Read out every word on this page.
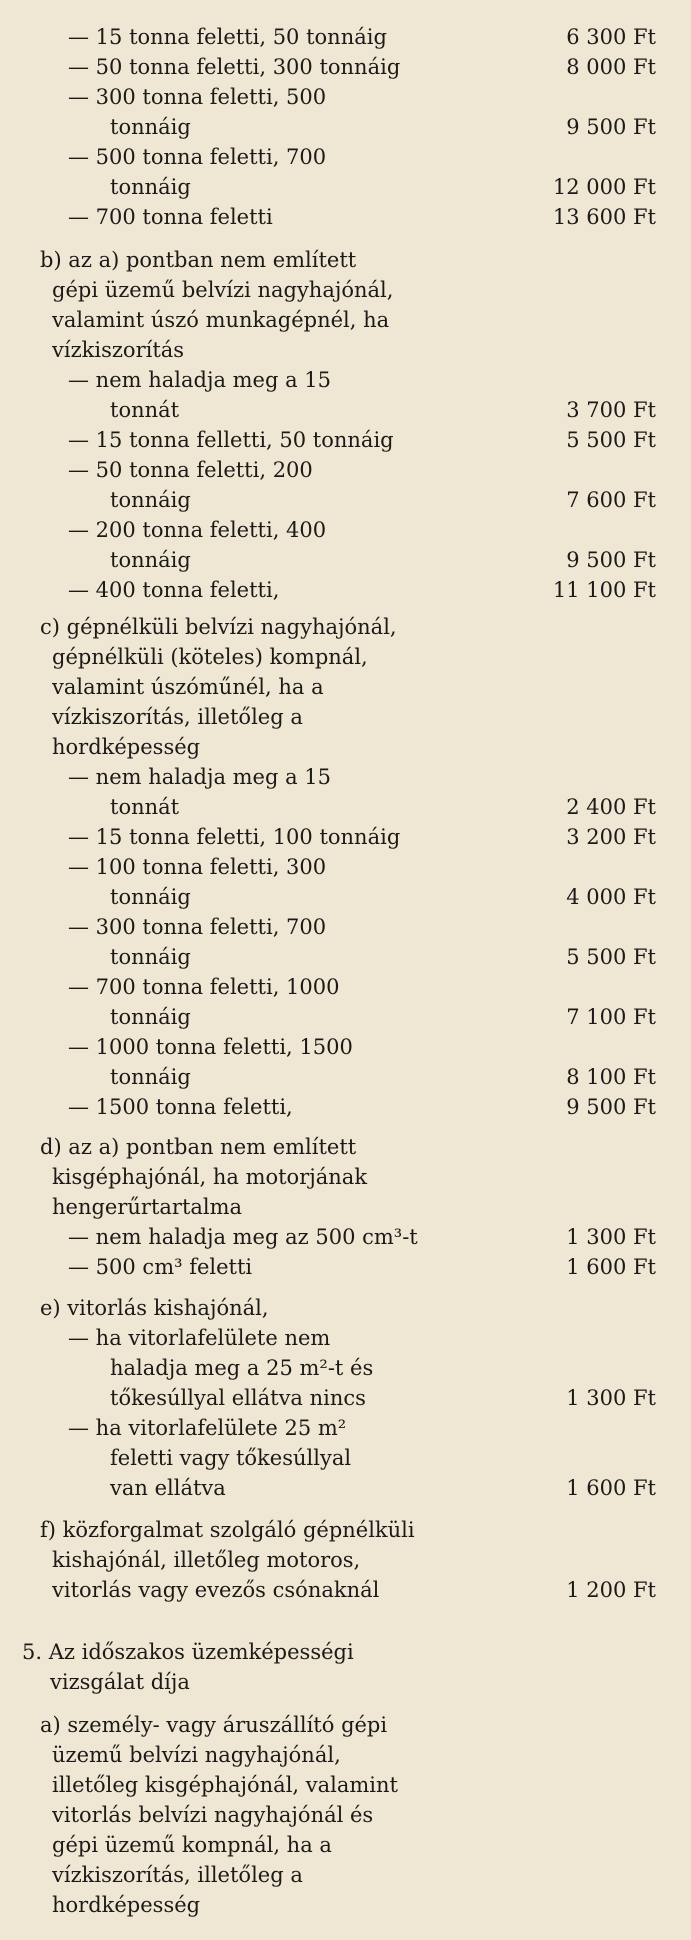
— 15 tonna feletti, 50 tonnáig	6 300 Ft
— 50 tonna feletti, 300 tonnáig	8 000 Ft
— 300 tonna feletti, 500
tonnáig	9 500 Ft
— 500 tonna feletti, 700
tonnáig	12 000 Ft
— 700 tonna feletti	13 600 Ft
b) az a) pontban nem említett
gépi üzemű belvízi nagyhajónál,
valamint úszó munkagépnél, ha
vízkiszorítás
— nem haladja meg a 15
tonnát	3 700 Ft
— 15 tonna felletti, 50 tonnáig	5 500 Ft
— 50 tonna feletti, 200
tonnáig	7 600 Ft
— 200 tonna feletti, 400
tonnáig	9 500 Ft
— 400 tonna feletti,	11 100 Ft
c) gépnélküli belvízi nagyhajónál,
gépnélküli (köteles) kompnál,
valamint úszóműnél, ha a
vízkiszorítás, illetőleg a
hordképesség
— nem haladja meg a 15
tonnát	2 400 Ft
— 15 tonna feletti, 100 tonnáig	3 200 Ft
— 100 tonna feletti, 300
tonnáig	4 000 Ft
— 300 tonna feletti, 700
tonnáig	5 500 Ft
— 700 tonna feletti, 1000
tonnáig	7 100 Ft
— 1000 tonna feletti, 1500
tonnáig	8 100 Ft
— 1500 tonna feletti,	9 500 Ft
d) az a) pontban nem említett
kisgéphajónál, ha motorjának
hengerűrtartalma
— nem haladja meg az 500 cm³-t	1 300 Ft
— 500 cm³ feletti	1 600 Ft
e) vitorlás kishajónál,
— ha vitorlafelülete nem
haladja meg a 25 m²-t és
tőkesúllyal ellátva nincs	1 300 Ft
— ha vitorlafelülete 25 m²
feletti vagy tőkesúllyal
van ellátva	1 600 Ft
f) közforgalmat szolgáló gépnélküli
kishajónál, illetőleg motoros,
vitorlás vagy evezős csónaknál	1 200 Ft
5. Az időszakos üzemképességi
vizsgálat díja
a) személy- vagy áruszállító gépi
üzemű belvízi nagyhajónál,
illetőleg kisgéphajónál, valamint
vitorlás belvízi nagyhajónál és
gépi üzemű kompnál, ha a
vízkiszorítás, illetőleg a
hordképesség
